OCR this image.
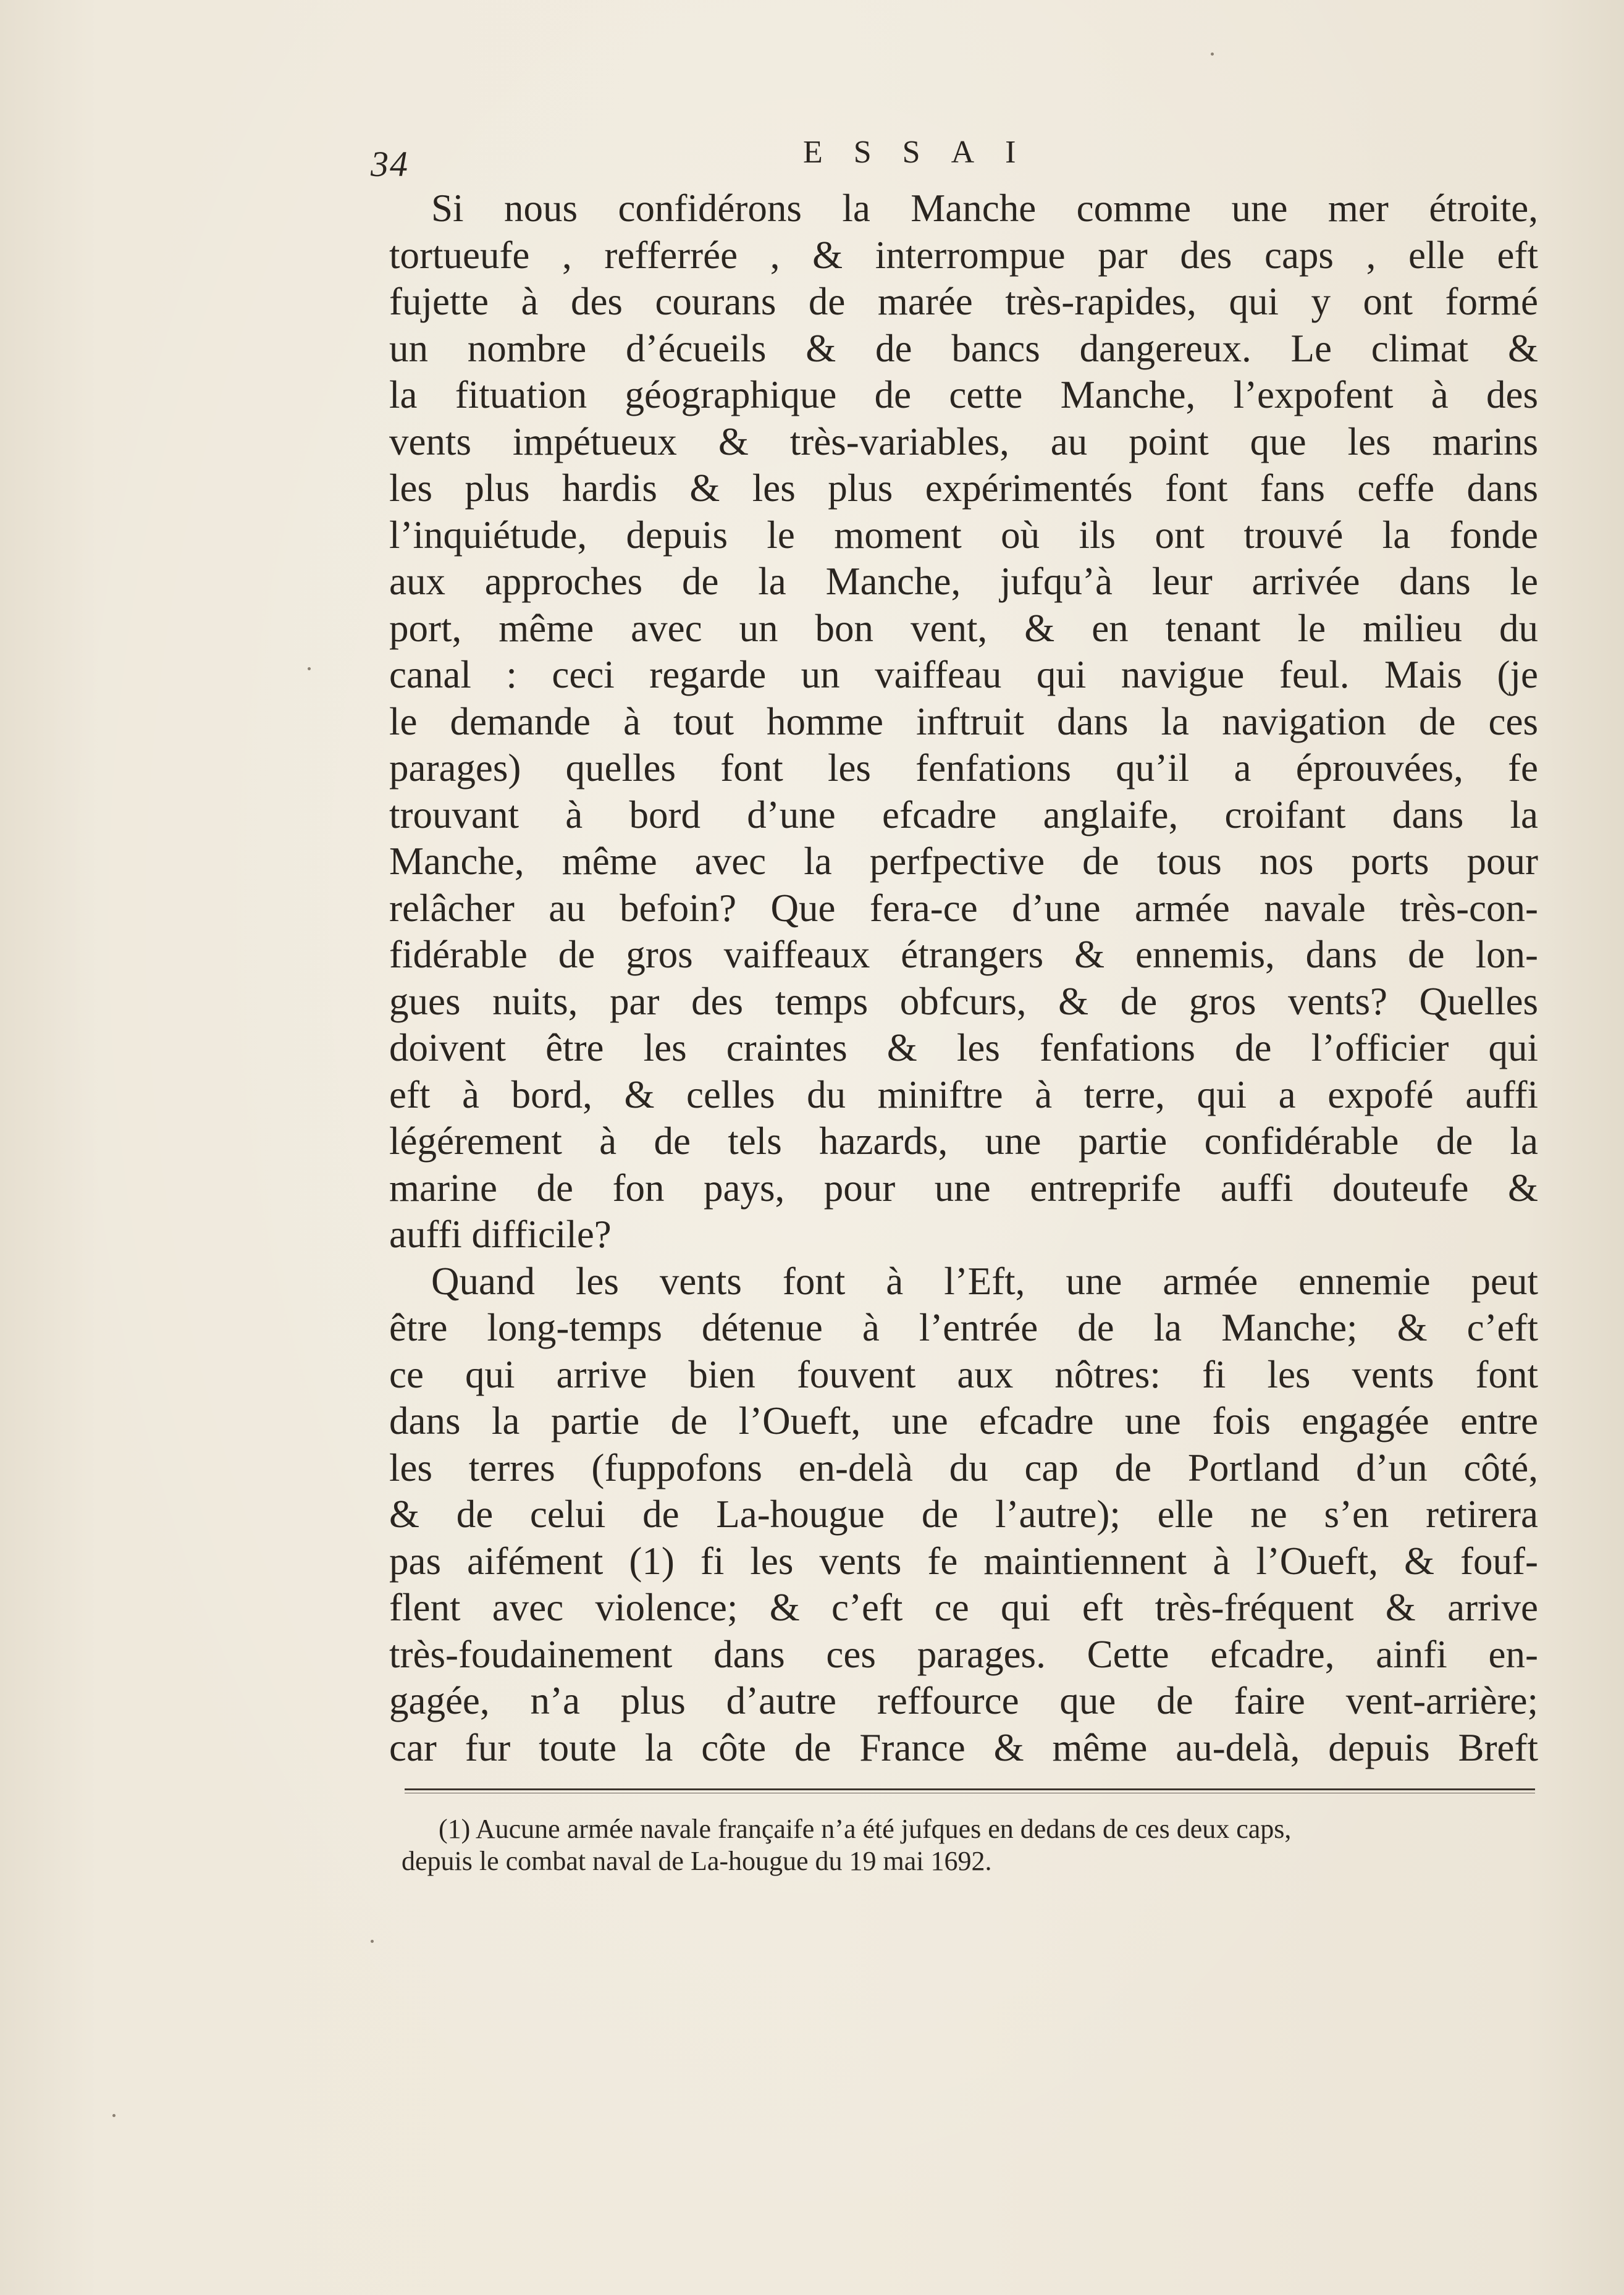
34	ESSAI
Si nous confidérons la Manche comme une mer étroite,
tortueufe , refferrée , & interrompue par des caps , elle eft
fujette à des courans de marée très-rapides, qui y ont formé
un nombre d’écueils & de bancs dangereux. Le climat &
la fituation géographique de cette Manche, l’expofent à des
vents impétueux & très-variables, au point que les marins
les plus hardis & les plus expérimentés font fans ceffe dans
l’inquiétude, depuis le moment où ils ont trouvé la fonde
aux approches de la Manche, jufqu’à leur arrivée dans le
port, même avec un bon vent, & en tenant le milieu du
canal : ceci regarde un vaiffeau qui navigue feul. Mais (je
le demande à tout homme inftruit dans la navigation de ces
parages) quelles font les fenfations qu’il a éprouvées, fe
trouvant à bord d’une efcadre anglaife, croifant dans la
Manche, même avec la perfpective de tous nos ports pour
relâcher au befoin? Que fera-ce d’une armée navale très-con-
fidérable de gros vaiffeaux étrangers & ennemis, dans de lon-
gues nuits, par des temps obfcurs, & de gros vents? Quelles
doivent être les craintes & les fenfations de l’officier qui
eft à bord, & celles du miniftre à terre, qui a expofé auffi
légérement à de tels hazards, une partie confidérable de la
marine de fon pays, pour une entreprife auffi douteufe &
auffi difficile?
Quand les vents font à l’Eft, une armée ennemie peut
être long-temps détenue à l’entrée de la Manche; & c’eft
ce qui arrive bien fouvent aux nôtres: fi les vents font
dans la partie de l’Oueft, une efcadre une fois engagée entre
les terres (fuppofons en-delà du cap de Portland d’un côté,
& de celui de La-hougue de l’autre); elle ne s’en retirera
pas aifément (1) fi les vents fe maintiennent à l’Oueft, & fouf-
flent avec violence; & c’eft ce qui eft très-fréquent & arrive
très-foudainement dans ces parages. Cette efcadre, ainfi en-
gagée, n’a plus d’autre reffource que de faire vent-arrière;
car fur toute la côte de France & même au-delà, depuis Breft
(1) Aucune armée navale françaife n’a été jufques en dedans de ces deux caps,
depuis le combat naval de La-hougue du 19 mai 1692.
